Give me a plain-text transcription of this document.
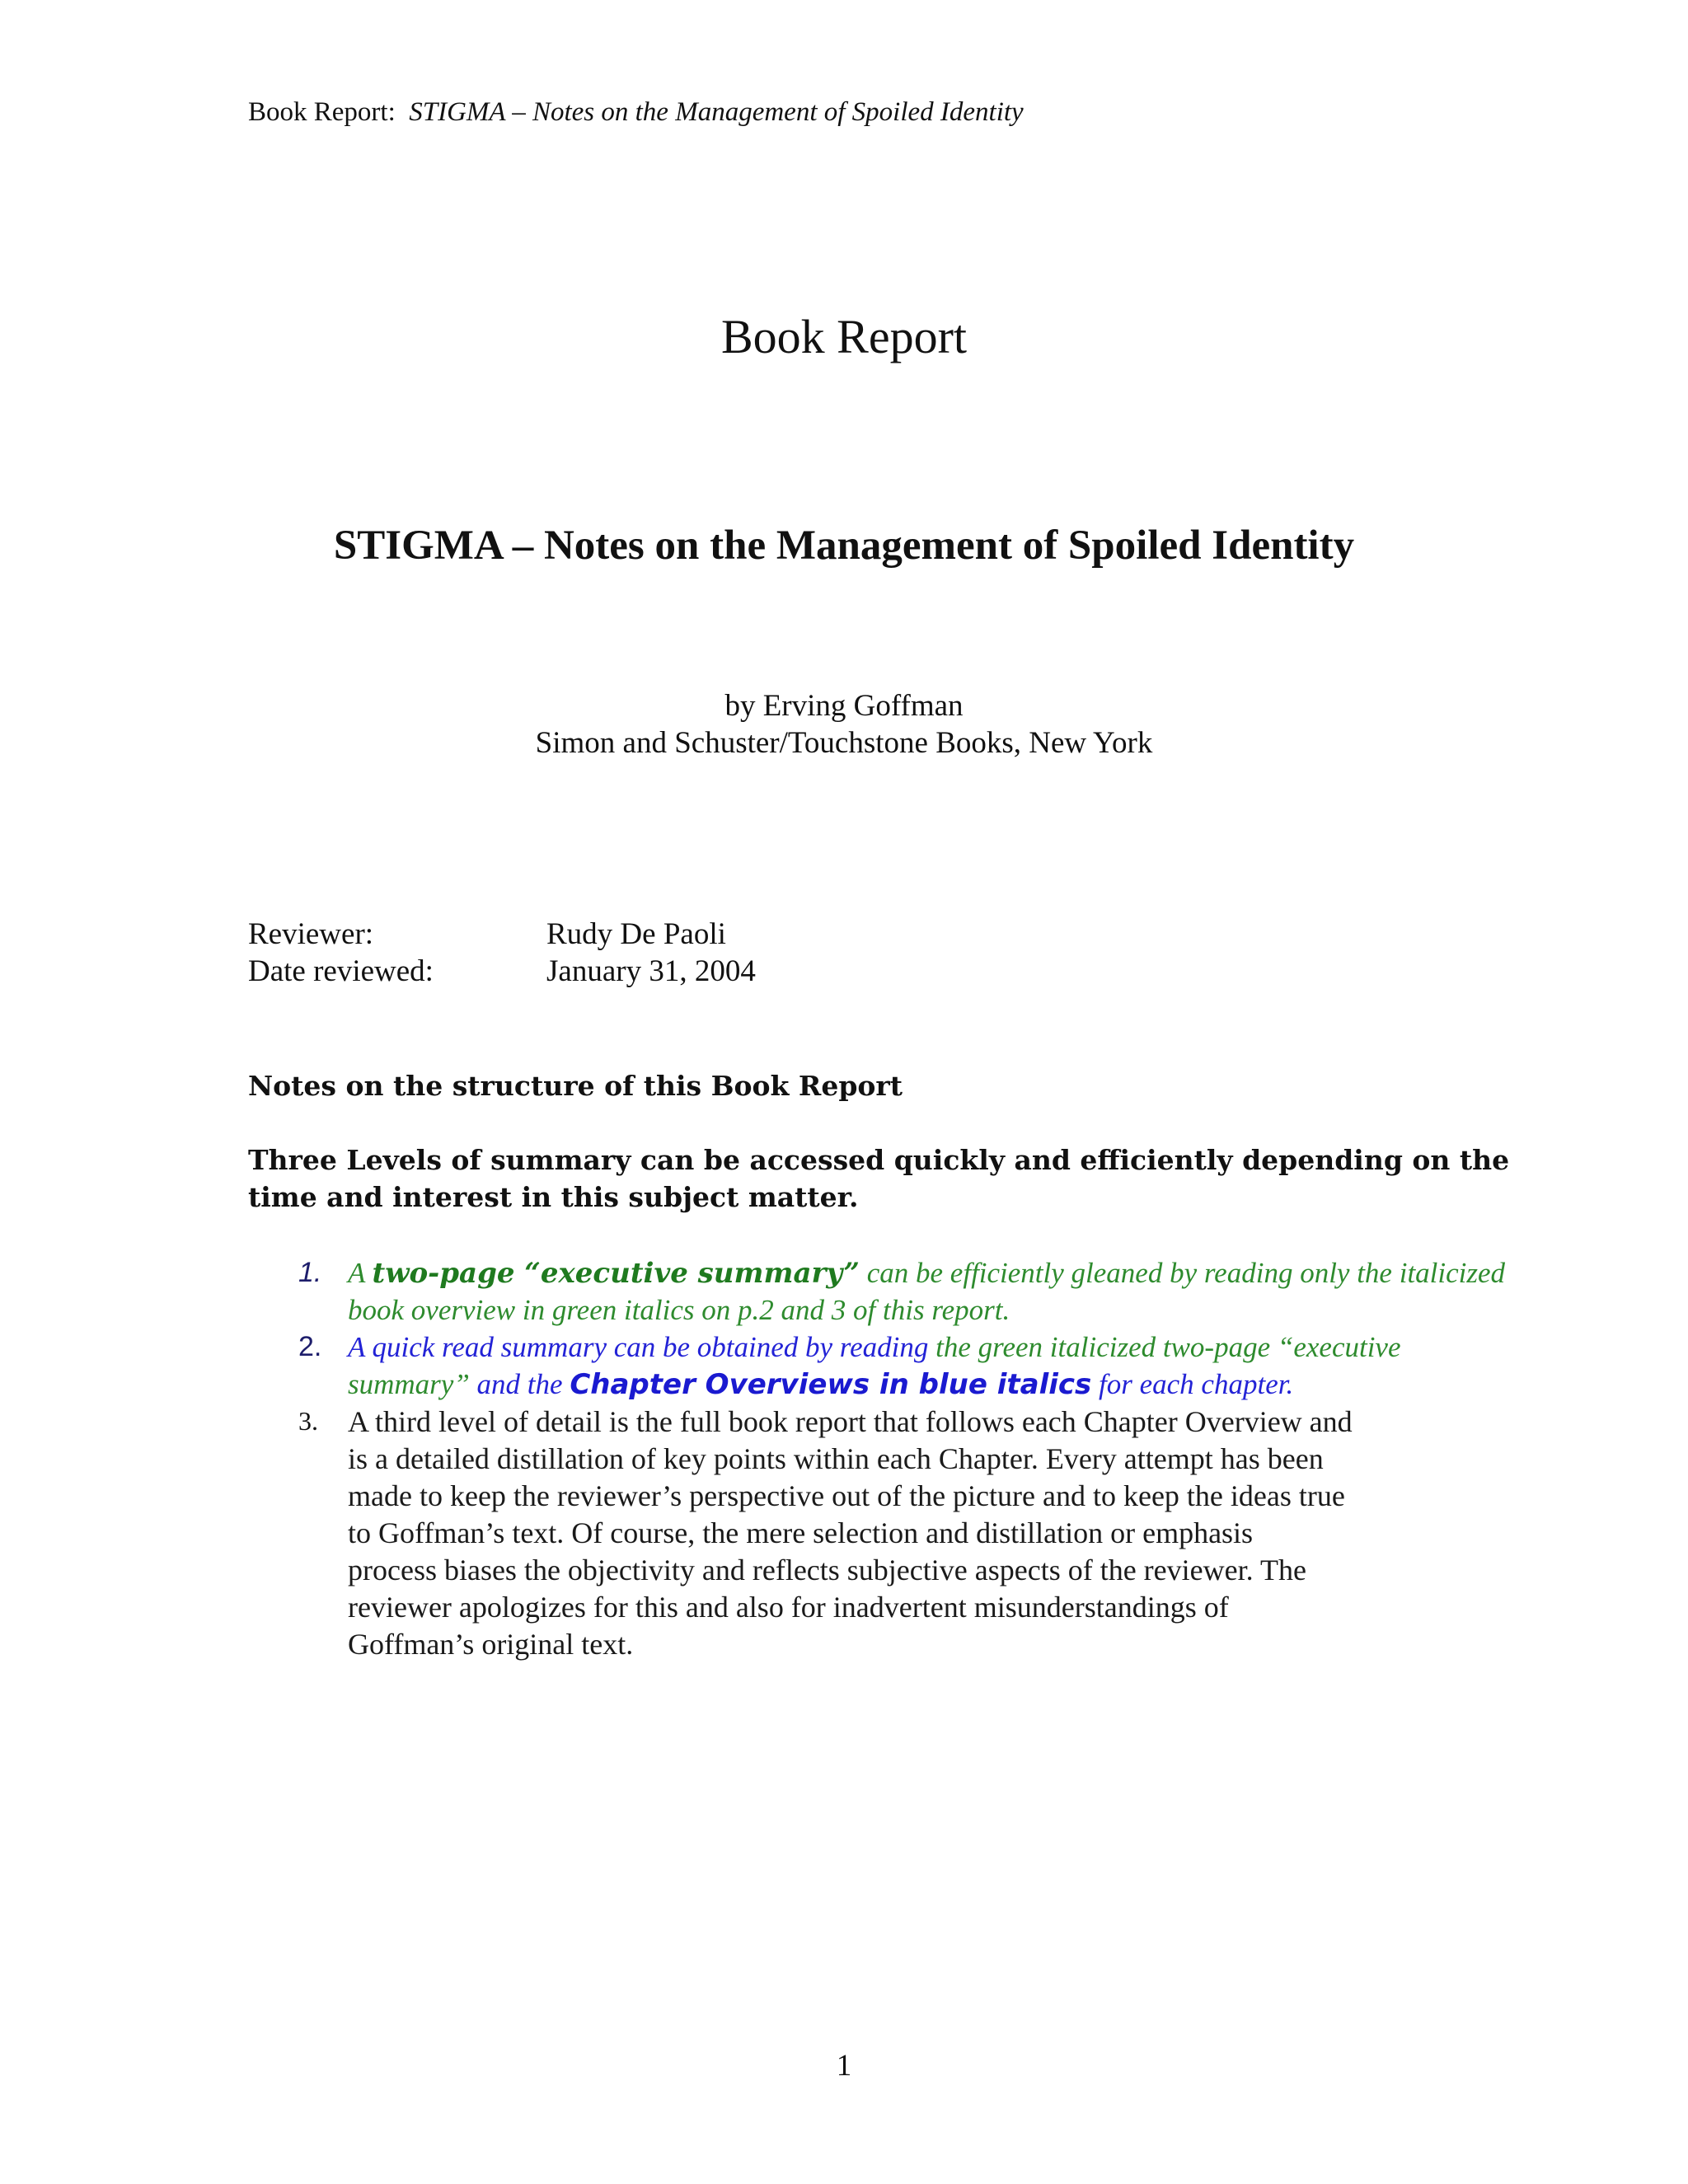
Book Report: STIGMA – Notes on the Management of Spoiled Identity
Book Report
STIGMA – Notes on the Management of Spoiled Identity
by Erving Goffman
Simon and Schuster/Touchstone Books, New York
Reviewer:	Rudy De Paoli
Date reviewed:	January 31, 2004
Notes on the structure of this Book Report
Three Levels of summary can be accessed quickly and efficiently depending on the
time and interest in this subject matter.
1. A two-page “executive summary” can be efficiently gleaned by reading only the italicized
book overview in green italics on p.2 and 3 of this report.
2. A quick read summary can be obtained by reading the green italicized two-page “executive
summary” and the Chapter Overviews in blue italics for each chapter.
3. A third level of detail is the full book report that follows each Chapter Overview and
is a detailed distillation of key points within each Chapter. Every attempt has been
made to keep the reviewer’s perspective out of the picture and to keep the ideas true
to Goffman’s text. Of course, the mere selection and distillation or emphasis
process biases the objectivity and reflects subjective aspects of the reviewer. The
reviewer apologizes for this and also for inadvertent misunderstandings of
Goffman’s original text.
1
